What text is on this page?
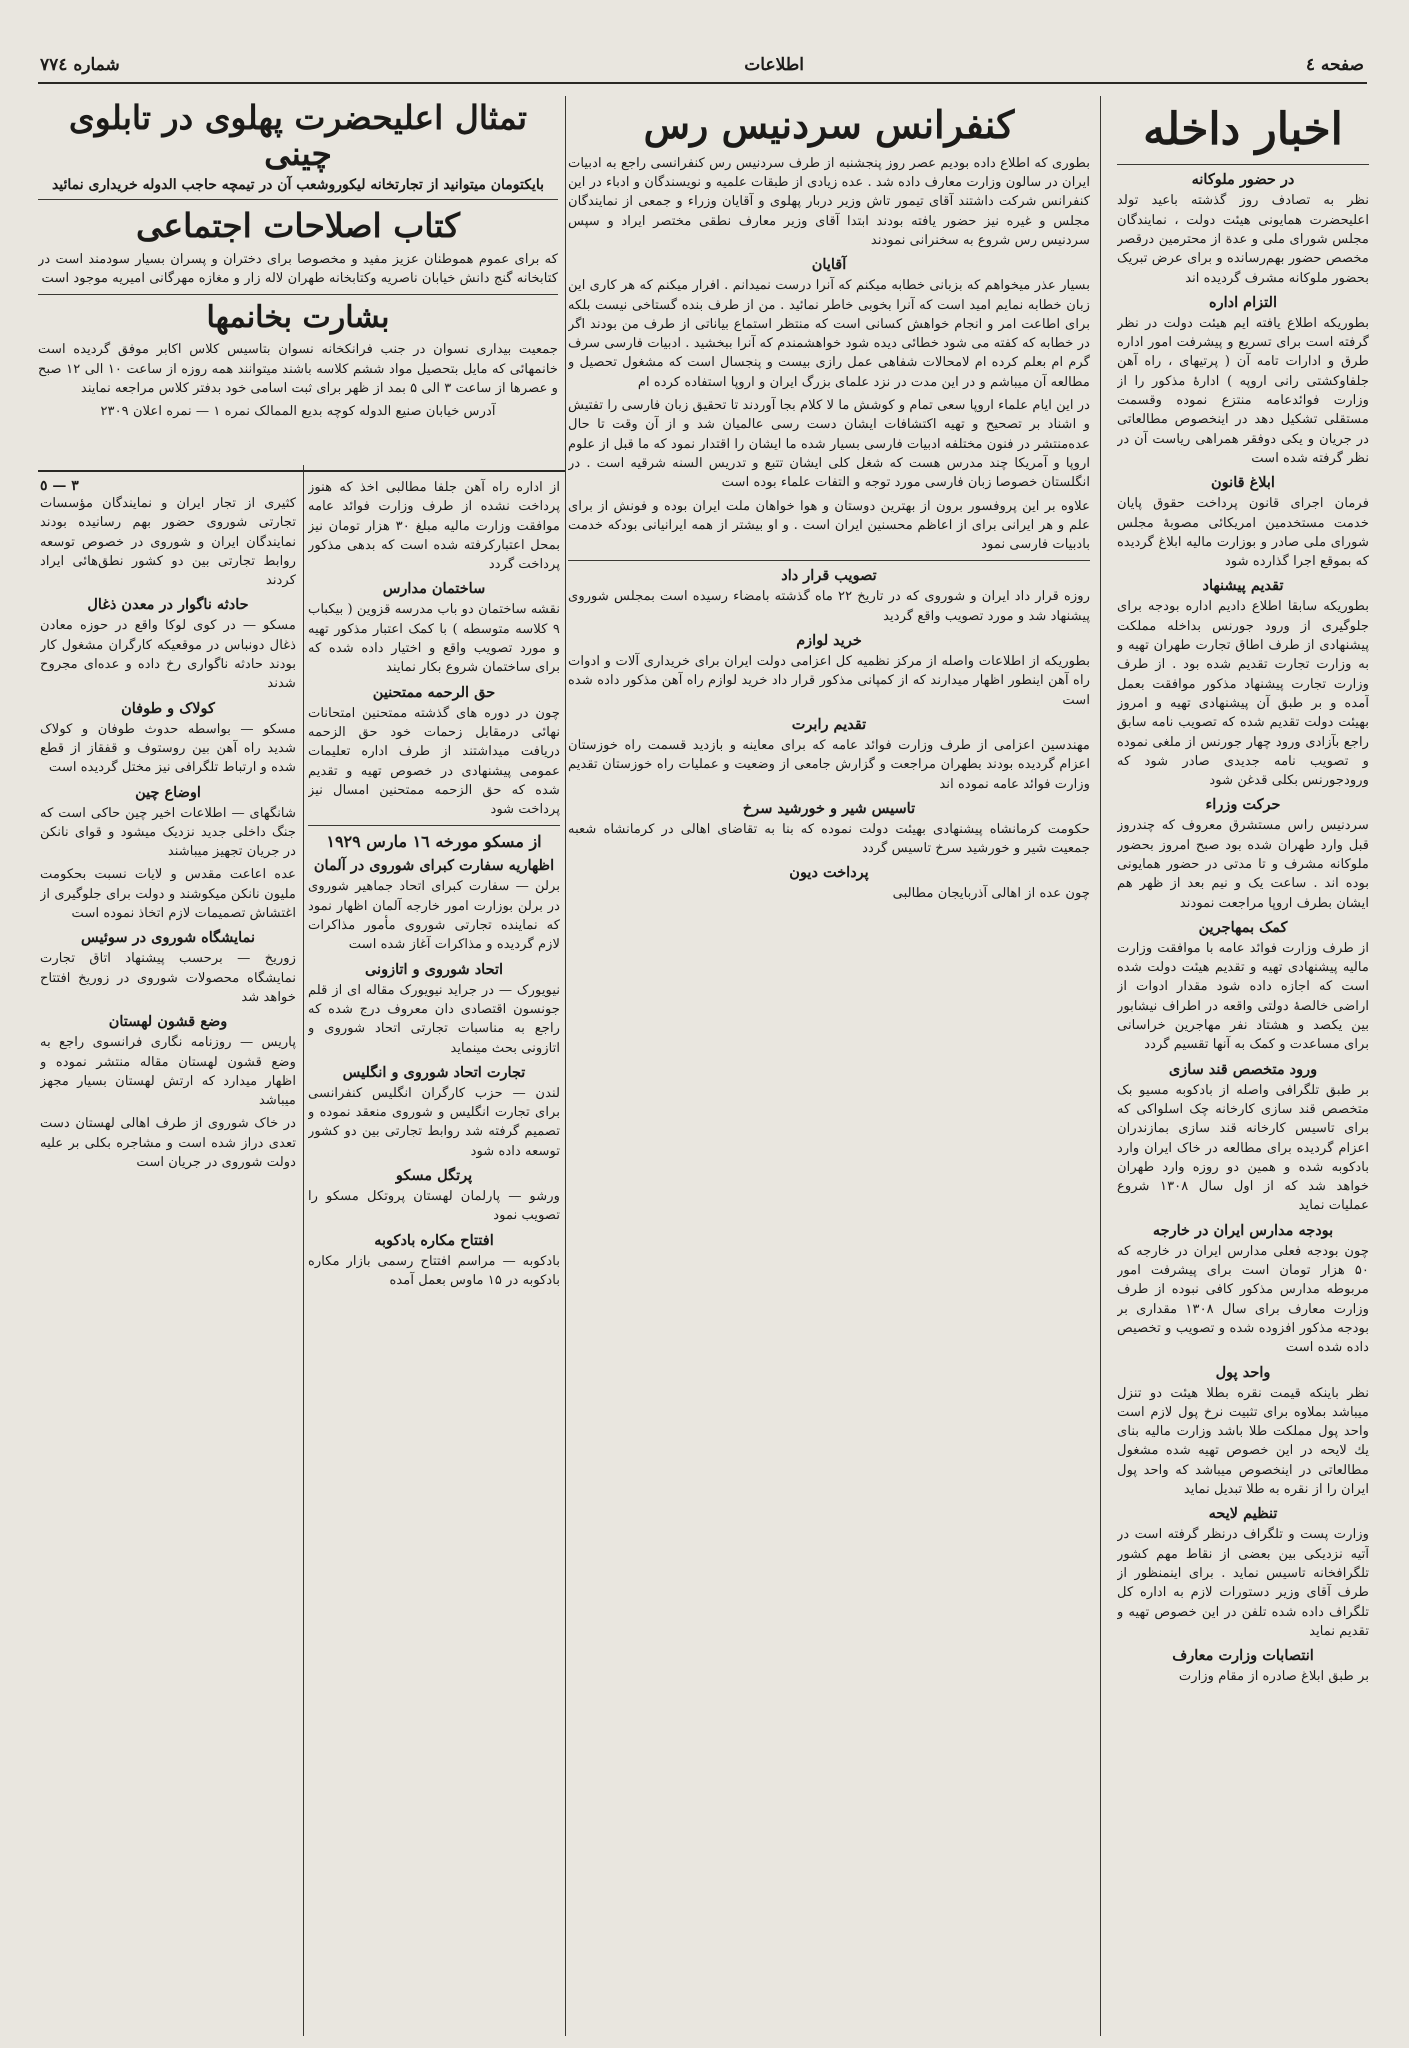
صفحه ٤
اطلاعات
شماره ٧٧٤
اخبار داخله
در حضور ملوکانه

نظر به تصادف روز گذشته باعید تولد اعلیحضرت همایونی هیئت دولت ، نمایندگان مجلس شورای ملی و عدة از محترمین درقصر مخصص حضور بهم‌رسانده و برای عرض تبریک بحضور ملوکانه مشرف گردیده اند

التزام اداره

بطوریکه اطلاع یافته ایم هیئت دولت در نظر گرفته است برای تسریع و پیشرفت امور اداره طرق و ادارات تامه آن ( پرتیهای ، راه آهن جلفاوکشتی رانی اروپه ) ادارهٔ مذکور را از وزارت فوائدعامه منتزع نموده وقسمت مستقلی تشکیل دهد در اینخصوص مطالعاتی در جریان و یکی دوفقر همراهی ریاست آن در نظر گرفته شده است

ابلاغ قانون

فرمان اجرای قانون پرداخت حقوق پایان خدمت مستخدمین امریکائی مصوبهٔ مجلس شورای ملی صادر و بوزارت مالیه ابلاغ گردیده که بموقع اجرا گذارده شود

تقدیم پیشنهاد

بطوریکه سابقا اطلاع دادیم اداره بودجه برای جلوگیری از ورود جورنس بداخله مملکت پیشنهادی از طرف اطاق تجارت طهران تهیه و به وزارت تجارت تقدیم شده بود . از طرف وزارت تجارت پیشنهاد مذکور موافقت بعمل آمده و بر طبق آن پیشنهادی تهیه و امروز بهیئت دولت تقدیم شده که تصویب نامه سابق راجع بآزادی ورود چهار جورنس از ملغی نموده و تصویب نامه جدیدی صادر شود که ورودجورنس بکلی قدغن شود

حرکت وزراء

سردنیس راس مستشرق معروف که چندروز قبل وارد طهران شده بود صبح امروز بحضور ملوکانه مشرف و تا مدتی در حضور همایونی بوده اند . ساعت یک و نیم بعد از ظهر هم ایشان بطرف اروپا مراجعت نمودند

کمک بمهاجرین

از طرف وزارت فوائد عامه با موافقت وزارت مالیه پیشنهادی تهیه و تقدیم هیئت دولت شده است که اجازه داده شود مقدار ادوات از اراضی خالصهٔ دولتی واقعه در اطراف نیشابور بین یکصد و هشتاد نفر مهاجرین خراسانی برای مساعدت و کمک به آنها تقسیم گردد

ورود متخصص قند سازی

بر طبق تلگرافی واصله از بادکوبه مسیو بک متخصص قند سازی کارخانه چک اسلواکی که برای تاسیس کارخانه قند سازی بمازندران اعزام گردیده برای مطالعه در خاک ایران وارد بادکوبه شده و همین دو روزه وارد طهران خواهد شد که از اول سال ۱۳۰۸ شروع عملیات نماید

بودجه مدارس ایران در خارجه

چون بودجه فعلی مدارس ایران در خارجه که ۵۰ هزار تومان است برای پیشرفت امور مربوطه مدارس مذکور کافی نبوده از طرف وزارت معارف برای سال ۱۳۰۸ مقداری بر بودجه مذکور افزوده شده و تصویب و تخصیص داده شده است

واحد پول

نظر باینکه قیمت نقره بطلا هیئت دو تنزل میباشد بملاوه برای تثبیت نرخ پول لازم است واحد پول مملکت طلا باشد وزارت مالیه بنای یك لایحه در این خصوص تهیه شده مشغول مطالعاتی در اینخصوص میباشد که واحد پول ایران را از نقره به طلا تبدیل نماید

تنظیم لایحه

وزارت پست و تلگراف درنظر گرفته است در آتیه نزدیکی بین بعضی از نقاط مهم کشور تلگرافخانه تاسیس نماید . برای اینمنظور از طرف آقای وزیر دستورات لازم به اداره کل تلگراف داده شده تلفن در این خصوص تهیه و تقدیم نماید

انتصابات وزارت معارف

بر طبق ابلاغ صادره از مقام وزارت

کنفرانس سردنیس رس

بطوری که اطلاع داده بودیم عصر روز پنجشنبه از طرف سردنیس رس کنفرانسی راجع به ادبیات ایران در سالون وزارت معارف داده شد . عده زیادی از طبقات علمیه و نویسندگان و ادباء در این کنفرانس شرکت داشتند آقای تیمور تاش وزیر دربار پهلوی و آقایان وزراء و جمعی از نمایندگان مجلس و غیره نیز حضور یافته بودند ابتدا آقای وزیر معارف نطقی مختصر ایراد و سپس سردنیس رس شروع به سخنرانی نمودند

آقایان

بسیار عذر میخواهم که بزبانی خطابه میکنم که آنرا درست نمیدانم . افرار میکنم که هر کاری این زبان خطابه نمایم امید است که آنرا بخوبی خاطر نمائید . من از طرف بنده گستاخی نیست بلکه برای اطاعت امر و انجام خواهش کسانی است که منتظر استماع بیاناتی از طرف من بودند اگر در خطابه که کفته می شود خطائی دیده شود خواهشمندم که آنرا ببخشید . ادبیات فارسی سرف گرم ام بعلم کرده ام لامحالات شفاهی عمل رازی بیست و پنجسال است که مشغول تحصیل و مطالعه آن میباشم و در این مدت در نزد علمای بزرگ ایران و اروپا استفاده کرده ام

در این ایام علماء اروپا سعی تمام و کوشش ما لا کلام بجا آوردند تا تحقیق زبان فارسی را تفتیش و اشناد بر تصحیح و تهیه اکتشافات ایشان دست رسی عالمیان شد و از آن وقت تا حال عده‌منتشر در فنون مختلفه ادبیات فارسی بسیار شده ما ایشان را اقتدار نمود که ما قبل از علوم اروپا و آمریکا چند مدرس هست که شغل کلی ایشان تتبع و تدریس السنه شرقیه است . در انگلستان خصوصا زبان فارسی مورد توجه و التفات علماء بوده است

علاوه بر این پروفسور برون از بهترین دوستان و هوا خواهان ملت ایران بوده و فونش از برای علم و هر ایرانی برای از اعاظم محسنین ایران است . و او بیشتر از همه ایرانیانی بودکه خدمت بادبیات فارسی نمود

تصویب قرار داد

روزه قرار داد ایران و شوروی که در تاریخ ۲۲ ماه گذشته بامضاء رسیده است بمجلس شوروی پیشنهاد شد و مورد تصویب واقع گردید

خرید لوازم

بطوریکه از اطلاعات واصله از مرکز نظمیه کل اعزامی دولت ایران برای خریداری آلات و ادوات راه آهن اینطور اظهار میدارند که از کمپانی مذکور قرار داد خرید لوازم راه آهن مذکور داده شده است

تقدیم رابرت

مهندسین اعزامی از طرف وزارت فوائد عامه که برای معاینه و بازدید قسمت راه خوزستان اعزام گردیده بودند بطهران مراجعت و گزارش جامعی از وضعیت و عملیات راه خوزستان تقدیم وزارت فوائد عامه نموده اند

تاسیس شیر و خورشید سرخ

حکومت کرمانشاه پیشنهادی بهیئت دولت نموده که بنا به تقاضای اهالی در کرمانشاه شعبه جمعیت شیر و خورشید سرخ تاسیس گردد

پرداخت دیون

چون عده از اهالی آذربایجان مطالبی

تمثال اعلیحضرت پهلوی در تابلوی چینی
بایکتومان میتوانید از تجارتخانه لیکوروشعب آن در تیمچه حاجب الدوله خریداری نمائید
کتاب اصلاحات اجتماعی

که برای عموم هموطنان عزیز مفید و مخصوصا برای دختران و پسران بسیار سودمند است در کتابخانه گنج دانش خیابان ناصریه وکتابخانه طهران لاله زار و مغازه مهرگانی امیریه موجود است

بشارت بخانمها

جمعیت بیداری نسوان در جنب فرانکخانه نسوان بتاسیس کلاس اکابر موفق گردیده است خانمهائی که مایل بتحصیل مواد ششم کلاسه باشند میتوانند همه روزه از ساعت ۱۰ الی ۱۲ صبح و عصرها از ساعت ۳ الی ۵ بمد از ظهر برای ثبت اسامی خود بدفتر کلاس مراجعه نمایند

آدرس خیابان صنیع الدوله کوچه بدیع الممالک نمره ۱ — نمره اعلان ۲۳۰۹

از اداره راه آهن جلفا مطالبی اخذ که هنوز پرداخت نشده از طرف وزارت فوائد عامه موافقت وزارت مالیه مبلغ ۳۰ هزار تومان نیز بمحل اعتبارکرفته شده است که بدهی مذکور پرداخت گردد

ساختمان مدارس

نقشه ساختمان دو باب مدرسه قزوین ( بیکباب ۹ کلاسه متوسطه ) با کمک اعتبار مذکور تهیه و مورد تصویب واقع و اختیار داده شده که برای ساختمان شروع بکار نمایند

حق الرحمه ممتحنین

چون در دوره های گذشته ممتحنین امتحانات نهائی درمقابل زحمات خود حق الزحمه دریافت میداشتند از طرف اداره تعلیمات عمومی پیشنهادی در خصوص تهیه و تقدیم شده که حق الزحمه ممتحنین امسال نیز پرداخت شود

از مسکو مورخه ١٦ مارس ١٩٢٩
اظهاریه سفارت کبرای شوروی در آلمان

برلن — سفارت کبرای اتحاد جماهیر شوروی در برلن بوزارت امور خارجه آلمان اظهار نمود که نماینده تجارتی شوروی مأمور مذاکرات لازم گردیده و مذاکرات آغاز شده است

اتحاد شوروی و اتازونی

نیویورک — در جراید نیویورک مقاله ای از قلم جونسون اقتصادی دان معروف درج شده که راجع به مناسبات تجارتی اتحاد شوروی و اتازونی بحث مینماید

تجارت اتحاد شوروی و انگلیس

لندن — حزب کارگران انگلیس کنفرانسی برای تجارت انگلیس و شوروی منعقد نموده و تصمیم گرفته شد روابط تجارتی بین دو کشور توسعه داده شود

پرتگل مسکو

ورشو — پارلمان لهستان پروتکل مسکو را تصویب نمود

افتتاح مکاره بادکوبه

بادکوبه — مراسم افتتاح رسمی بازار مکاره بادکوبه در ۱۵ ماوس بعمل آمده

٣ — ٥

کثیری از تجار ایران و نمایندگان مؤسسات تجارتی شوروی حضور بهم رسانیده بودند نمایندگان ایران و شوروی در خصوص توسعه روابط تجارتی بین دو کشور نطق‌هائی ایراد کردند

حادثه ناگوار در معدن ذغال

مسکو — در کوی لوکا واقع در حوزه معادن ذغال دونباس در موقعیکه کارگران مشغول کار بودند حادثه ناگواری رخ داده و عده‌ای مجروح شدند

کولاک و طوفان

مسکو — بواسطه حدوث طوفان و کولاک شدید راه آهن بین روستوف و قفقاز از قطع شده و ارتباط تلگرافی نیز مختل گردیده است

اوضاع چین

شانگهای — اطلاعات اخیر چین حاکی است که جنگ داخلی جدید نزدیک میشود و قوای نانکن در جریان تجهیز میباشند

عده اعاعت مقدس و لایات نسبت بحکومت ملیون نانکن میکوشند و دولت برای جلوگیری از اغتشاش تصمیمات لازم اتخاذ نموده است

نمایشگاه شوروی در سوئیس

زوریخ — برحسب پیشنهاد اتاق تجارت نمایشگاه محصولات شوروی در زوریخ افتتاح خواهد شد

وضع قشون لهستان

پاریس — روزنامه نگاری فرانسوی راجع به وضع قشون لهستان مقاله منتشر نموده و اظهار میدارد که ارتش لهستان بسیار مجهز میباشد

در خاک شوروی از طرف اهالی لهستان دست تعدی دراز شده است و مشاجره بکلی بر علیه دولت شوروی در جریان است
